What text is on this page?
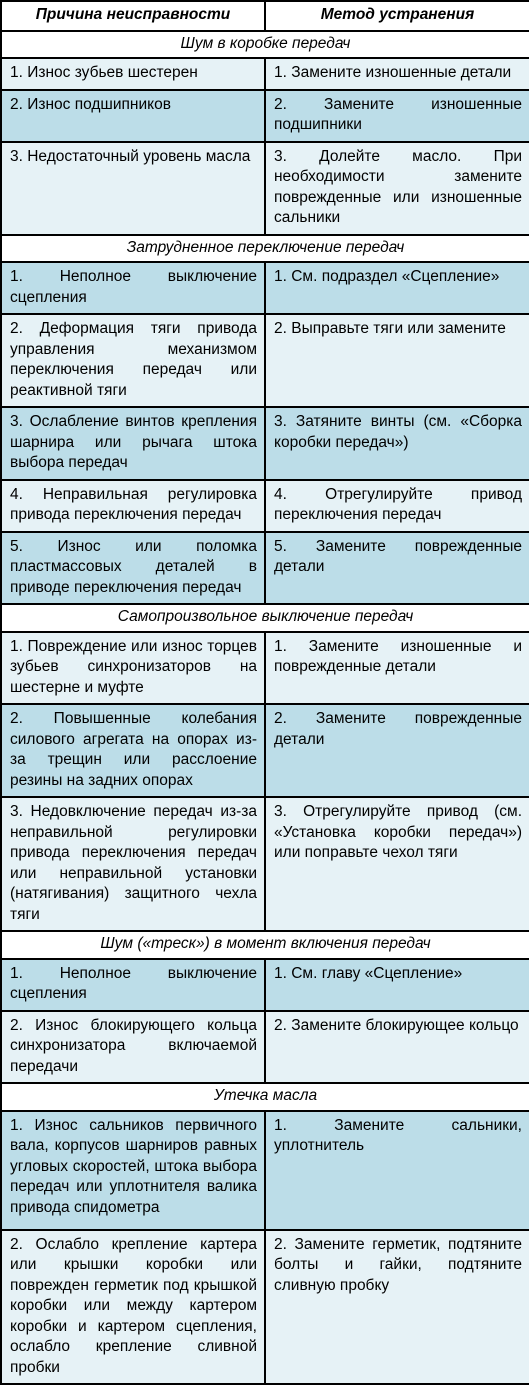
Причина неисправности	Метод устранения
Шум в коробке передач	
1. Износ зубьев шестерен	1. Замените изношенные детали
2. Износ подшипников	2. Замените изношенные подшипники
3. Недостаточный уровень масла	3. Долейте масло. При необходимости замените поврежденные или изношенные сальники
Затрудненное переключение передач	
1. Неполное выключение сцепления	1. См. подраздел «Сцепление»
2. Деформация тяги привода управления механизмом переключения передач или реактивной тяги	2. Выправьте тяги или замените
3. Ослабление винтов крепления шарнира или рычага штока выбора передач	3. Затяните винты (см. «Сборка коробки передач»)
4. Неправильная регулировка привода переключения передач	4. Отрегулируйте привод переключения передач
5. Износ или поломка пластмассовых деталей в приводе переключения передач	5. Замените поврежденные детали
Самопроизвольное выключение передач	
1. Повреждение или износ торцев зубьев синхронизаторов на шестерне и муфте	1. Замените изношенные и поврежденные детали
2. Повышенные колебания силового агрегата на опорах из-за трещин или расслоение резины на задних опорах	2. Замените поврежденные детали
3. Недовключение передач из-за неправильной регулировки привода переключения передач или неправильной установки (натягивания) защитного чехла тяги	3. Отрегулируйте привод (см. «Установка коробки передач») или поправьте чехол тяги
Шум («треск») в момент включения передач	
1. Неполное выключение сцепления	1. См. главу «Сцепление»
2. Износ блокирующего кольца синхронизатора включаемой передачи	2. Замените блокирующее кольцо
Утечка масла	
1. Износ сальников первичного вала, корпусов шарниров равных угловых скоростей, штока выбора передач или уплотнителя валика привода спидометра	1. Замените сальники, уплотнитель
2. Ослабло крепление картера или крышки коробки или поврежден герметик под крышкой коробки или между картером коробки и картером сцепления, ослабло крепление сливной пробки	2. Замените герметик, подтяните болты и гайки, подтяните сливную пробку
